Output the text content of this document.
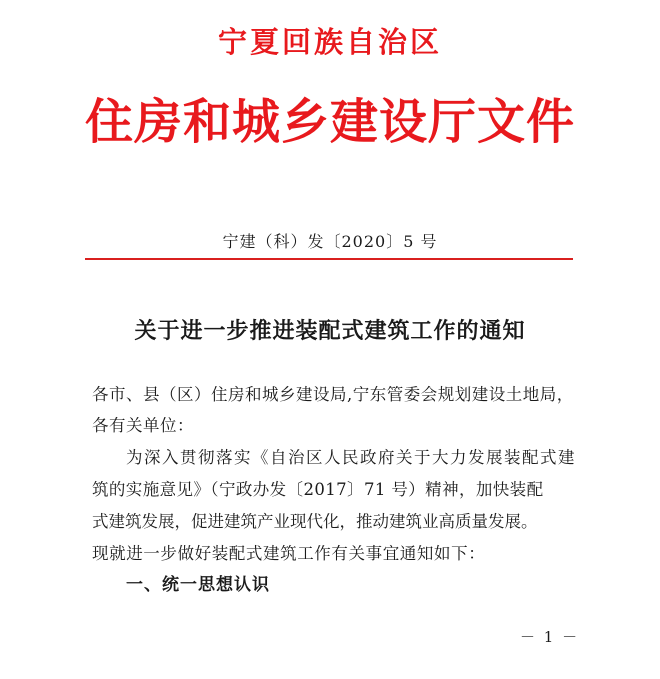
宁夏回族自治区
住房和城乡建设厅文件
宁建（科）发〔2020〕5 号
关于进一步推进装配式建筑工作的通知
各市、县（区）住房和城乡建设局,宁东管委会规划建设土地局，
各有关单位：
为深入贯彻落实《自治区人民政府关于大力发展装配式建
筑的实施意见》（宁政办发〔2017〕71 号）精神，加快装配
式建筑发展，促进建筑产业现代化，推动建筑业高质量发展。
现就进一步做好装配式建筑工作有关事宜通知如下：
一、统一思想认识
－ 1 －
